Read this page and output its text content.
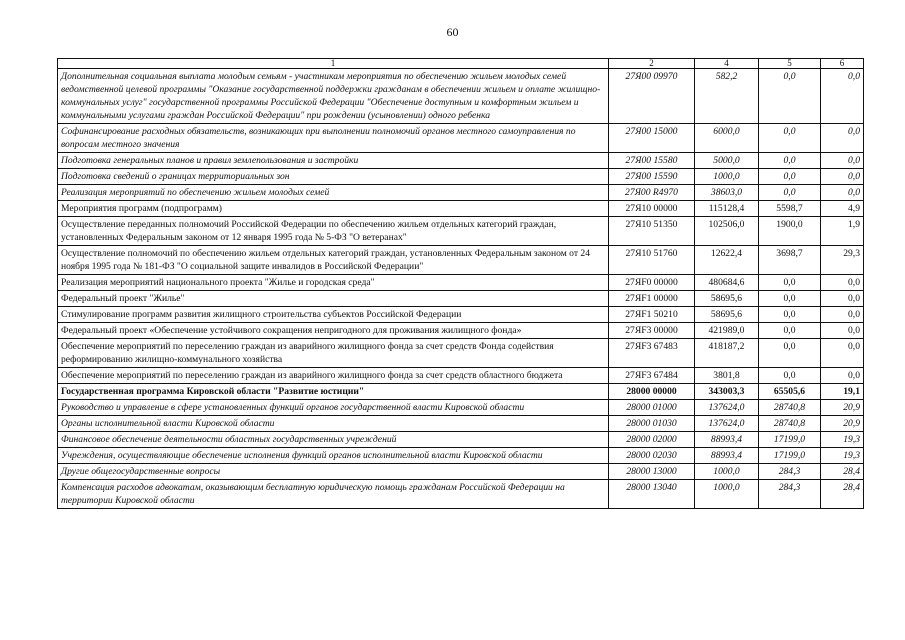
60
1	2	4	5	6
Дополнительная социальная выплата молодым семьям - участникам мероприятия по обеспечению жильем молодых семей ведомственной целевой программы "Оказание государственной поддержки гражданам в обеспечении жильем и оплате жилищно-коммунальных услуг" государственной программы Российской Федерации "Обеспечение доступным и комфортным жильем и коммунальными услугами граждан Российской Федерации" при рождении (усыновлении) одного ребенка	27Я00 09970	582,2	0,0	0,0
Софинансирование расходных обязательств, возникающих при выполнении полномочий органов местного самоуправления по вопросам местного значения	27Я00 15000	6000,0	0,0	0,0
Подготовка генеральных планов и правил землепользования и застройки	27Я00 15580	5000,0	0,0	0,0
Подготовка сведений о границах территориальных зон	27Я00 15590	1000,0	0,0	0,0
Реализация мероприятий по обеспечению жильем молодых семей	27Я00 R4970	38603,0	0,0	0,0
Мероприятия программ (подпрограмм)	27Я10 00000	115128,4	5598,7	4,9
Осуществление переданных полномочий Российской Федерации по обеспечению жильем отдельных категорий граждан, установленных Федеральным законом от 12 января 1995 года № 5-ФЗ "О ветеранах"	27Я10 51350	102506,0	1900,0	1,9
Осуществление полномочий по обеспечению жильем отдельных категорий граждан, установленных Федеральным законом от 24 ноября 1995 года № 181-ФЗ "О социальной защите инвалидов в Российской Федерации"	27Я10 51760	12622,4	3698,7	29,3
Реализация мероприятий национального проекта "Жилье и городская среда"	27ЯF0 00000	480684,6	0,0	0,0
Федеральный проект "Жилье"	27ЯF1 00000	58695,6	0,0	0,0
Стимулирование программ развития жилищного строительства субъектов Российской Федерации	27ЯF1 50210	58695,6	0,0	0,0
Федеральный проект «Обеспечение устойчивого сокращения непригодного для проживания жилищного фонда»	27ЯF3 00000	421989,0	0,0	0,0
Обеспечение мероприятий по переселению граждан из аварийного жилищного фонда за счет средств Фонда содействия реформированию жилищно-коммунального хозяйства	27ЯF3 67483	418187,2	0,0	0,0
Обеспечение мероприятий по переселению граждан из аварийного жилищного фонда за счет средств областного бюджета	27ЯF3 67484	3801,8	0,0	0,0
Государственная программа Кировской области "Развитие юстиции"	28000 00000	343003,3	65505,6	19,1
Руководство и управление в сфере установленных функций органов государственной власти Кировской области	28000 01000	137624,0	28740,8	20,9
Органы исполнительной власти Кировской области	28000 01030	137624,0	28740,8	20,9
Финансовое обеспечение деятельности областных государственных учреждений	28000 02000	88993,4	17199,0	19,3
Учреждения, осуществляющие обеспечение исполнения функций органов исполнительной власти Кировской области	28000 02030	88993,4	17199,0	19,3
Другие общегосударственные вопросы	28000 13000	1000,0	284,3	28,4
Компенсация расходов адвокатам, оказывающим бесплатную юридическую помощь гражданам Российской Федерации на территории Кировской области	28000 13040	1000,0	284,3	28,4
